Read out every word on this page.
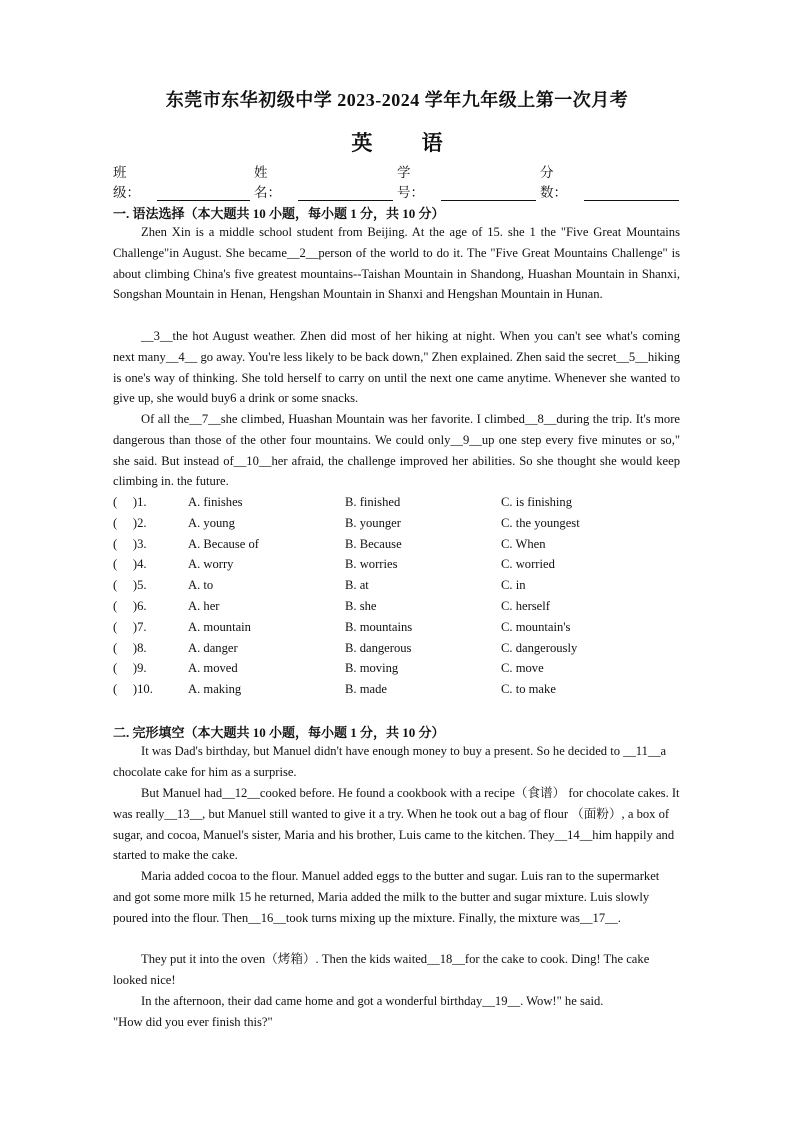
东莞市东华初级中学 2023-2024 学年九年级上第一次月考
英 语
班级：
姓名：
学号：
分数：
一. 语法选择（本大题共 10 小题，每小题 1 分，共 10 分）

Zhen Xin is a middle school student from Beijing. At the age of 15. she 1 the "Five Great Mountains Challenge"in August. She became__2__person of the world to do it. The "Five Great Mountains Challenge" is about climbing China's five greatest mountains--Taishan Mountain in Shandong, Huashan Mountain in Shanxi, Songshan Mountain in Henan, Hengshan Mountain in Shanxi and Hengshan Mountain in Hunan.

__3__the hot August weather. Zhen did most of her hiking at night. When you can't see what's coming next many__4__ go away. You're less likely to be back down," Zhen explained. Zhen said the secret__5__hiking is one's way of thinking. She told herself to carry on until the next one came anytime. Whenever she wanted to give up, she would buy6 a drink or some snacks.

Of all the__7__she climbed, Huashan Mountain was her favorite. I climbed__8__during the trip. It's more dangerous than those of the other four mountains. We could only__9__up one step every five minutes or so," she said. But instead of__10__her afraid, the challenge improved her abilities. So she thought she would keep climbing in. the future.

(　 )1.	A. finishes	B. finished	C. is finishing
(　 )2.	A. young	B. younger	C. the youngest
(　 )3.	A. Because of	B. Because	C. When
(　 )4.	A. worry	B. worries	C. worried
(　 )5.	A. to	B. at	C. in
(　 )6.	A. her	B. she	C. herself
(　 )7.	A. mountain	B. mountains	C. mountain's
(　 )8.	A. danger	B. dangerous	C. dangerously
(　 )9.	A. moved	B. moving	C. move
(　 )10.	A. making	B. made	C. to make
二. 完形填空（本大题共 10 小题，每小题 1 分，共 10 分）

It was Dad's birthday, but Manuel didn't have enough money to buy a present. So he decided to __11__a chocolate cake for him as a surprise.

But Manuel had__12__cooked before. He found a cookbook with a recipe（食谱） for chocolate cakes. It was really__13__, but Manuel still wanted to give it a try. When he took out a bag of flour （面粉）, a box of sugar, and cocoa, Manuel's sister, Maria and his brother, Luis came to the kitchen. They__14__him happily and started to make the cake.

Maria added cocoa to the flour. Manuel added eggs to the butter and sugar. Luis ran to the supermarket and got some more milk 15 he returned, Maria added the milk to the butter and sugar mixture. Luis slowly poured into the flour. Then__16__took turns mixing up the mixture. Finally, the mixture was__17__.

They put it into the oven（烤箱）. Then the kids waited__18__for the cake to cook. Ding! The cake looked nice!

In the afternoon, their dad came home and got a wonderful birthday__19__. Wow!" he said.

"How did you ever finish this?"
